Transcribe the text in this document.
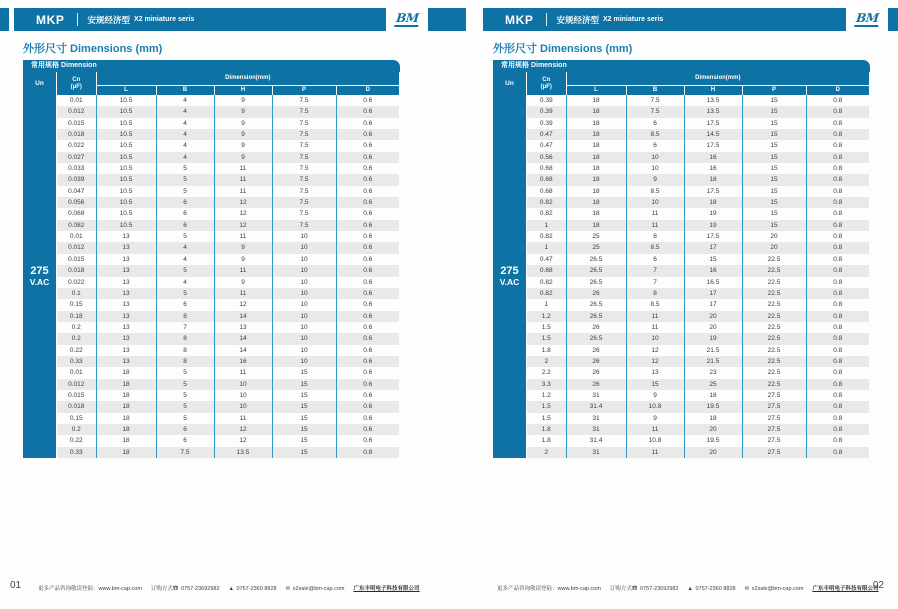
MKP	安规经济型 X2 miniature seris	BM
外形尺寸 Dimensions (mm)
常用规格 Dimension
Un
275
V.AC
Cn
(μF)	Dimension(mm)				
	L	B	H	P	D
0.01	10.5	4	9	7.5	0.6
0.012	10.5	4	9	7.5	0.6
0.015	10.5	4	9	7.5	0.6
0.018	10.5	4	9	7.5	0.6
0.022	10.5	4	9	7.5	0.6
0.027	10.5	4	9	7.5	0.6
0.033	10.5	5	11	7.5	0.6
0.039	10.5	5	11	7.5	0.6
0.047	10.5	5	11	7.5	0.6
0.056	10.5	6	12	7.5	0.6
0.068	10.5	6	12	7.5	0.6
0.082	10.5	6	12	7.5	0.6
0.01	13	5	11	10	0.6
0.012	13	4	9	10	0.6
0.015	13	4	9	10	0.6
0.018	13	5	11	10	0.6
0.022	13	4	9	10	0.6
0.1	13	5	11	10	0.6
0.15	13	6	12	10	0.6
0.18	13	8	14	10	0.6
0.2	13	7	13	10	0.6
0.2	13	8	14	10	0.6
0.22	13	8	14	10	0.6
0.33	13	8	16	10	0.6
0.01	18	5	11	15	0.6
0.012	18	5	10	15	0.6
0.015	18	5	10	15	0.6
0.018	18	5	10	15	0.6
0.15	18	5	11	15	0.6
0.2	18	6	12	15	0.6
0.22	18	6	12	15	0.6
0.33	18	7.5	13.5	15	0.8
01	更多产品咨询敬请登陆：www.bm-cap.com 订购方式☎ 0757-23692982 ▲ 0757-2360 8828 ✉ x2sale@bm-cap.com 广东丰明电子科技有限公司
MKP	安规经济型 X2 miniature seris	BM
外形尺寸 Dimensions (mm)
常用规格 Dimension
Un
275
V.AC
Cn
(μF)	Dimension(mm)				
	L	B	H	P	D
0.39	18	7.5	13.5	15	0.8
0.39	18	7.5	13.5	15	0.8
0.39	18	6	17.5	15	0.8
0.47	18	8.5	14.5	15	0.8
0.47	18	6	17.5	15	0.8
0.56	18	10	16	15	0.8
0.68	18	10	16	15	0.8
0.68	18	9	18	15	0.8
0.68	18	8.5	17.5	15	0.8
0.82	18	10	18	15	0.8
0.82	18	11	19	15	0.8
1	18	11	19	15	0.8
0.82	25	8	17.5	20	0.8
1	25	8.5	17	20	0.8
0.47	26.5	6	15	22.5	0.8
0.68	26.5	7	16	22.5	0.8
0.82	26.5	7	16.5	22.5	0.8
0.82	26	8	17	22.5	0.8
1	26.5	8.5	17	22.5	0.8
1.2	26.5	11	20	22.5	0.8
1.5	26	11	20	22.5	0.8
1.5	26.5	10	19	22.5	0.8
1.8	26	12	21.5	22.5	0.8
2	26	12	21.5	22.5	0.8
2.2	26	13	23	22.5	0.8
3.3	26	15	25	22.5	0.8
1.2	31	9	18	27.5	0.8
1.5	31.4	10.8	19.5	27.5	0.8
1.5	31	9	18	27.5	0.8
1.8	31	11	20	27.5	0.8
1.8	31.4	10.8	19.5	27.5	0.8
2	31	11	20	27.5	0.8
02
更多产品咨询敬请登陆：www.bm-cap.com 订购方式☎ 0757-23692982 ▲ 0757-2360 8828 ✉ x2sale@bm-cap.com 广东丰明电子科技有限公司
